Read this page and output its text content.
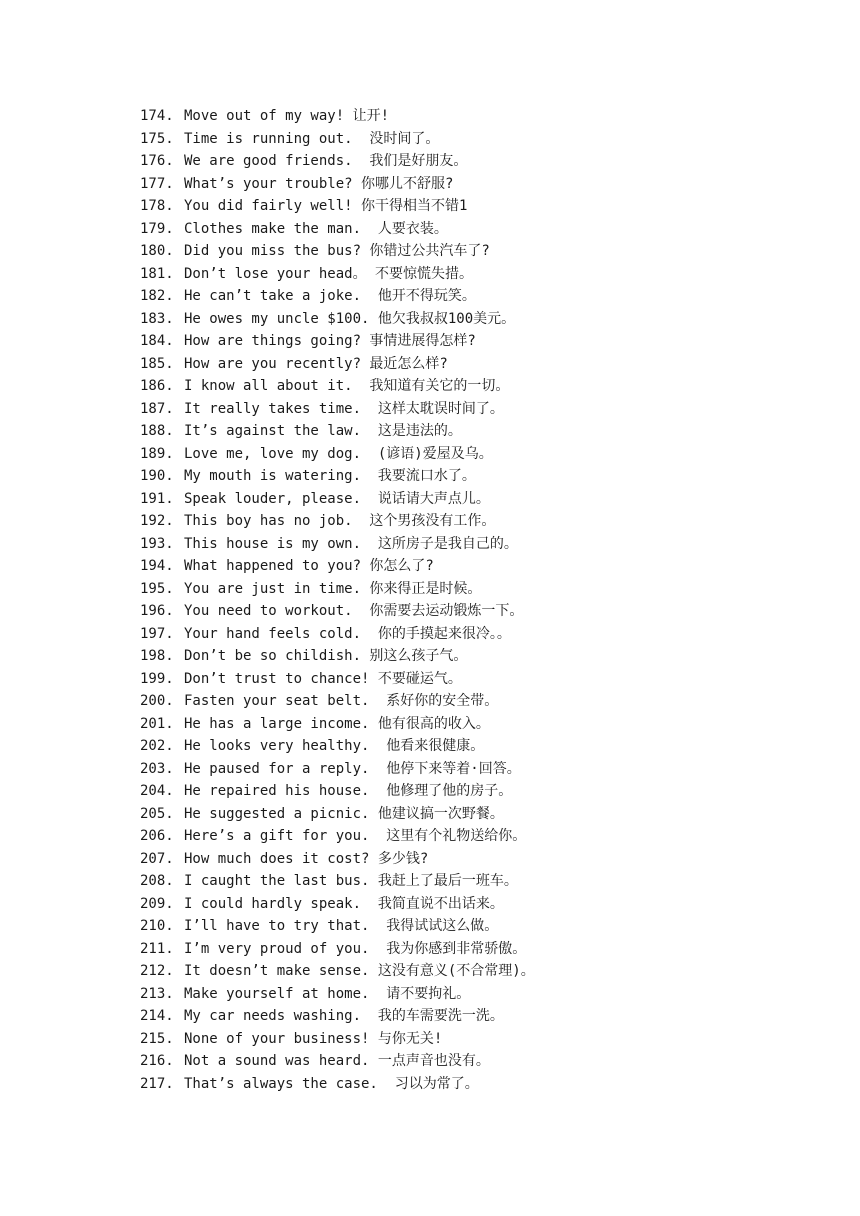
174. Move out of my way! 让开!
175. Time is running out.  没时间了。
176. We are good friends.  我们是好朋友。
177. What’s your trouble? 你哪儿不舒服?
178. You did fairly well! 你干得相当不错1
179. Clothes make the man.  人要衣装。
180. Did you miss the bus? 你错过公共汽车了?
181. Don’t lose your head。 不要惊慌失措。
182. He can’t take a joke.  他开不得玩笑。
183. He owes my uncle $100. 他欠我叔叔100美元。
184. How are things going? 事情进展得怎样?
185. How are you recently? 最近怎么样?
186. I know all about it.  我知道有关它的一切。
187. It really takes time.  这样太耽误时间了。
188. It’s against the law.  这是违法的。
189. Love me, love my dog.  (谚语)爱屋及乌。
190. My mouth is watering.  我要流口水了。
191. Speak louder, please.  说话请大声点儿。
192. This boy has no job.  这个男孩没有工作。
193. This house is my own.  这所房子是我自己的。
194. What happened to you? 你怎么了?
195. You are just in time. 你来得正是时候。
196. You need to workout.  你需要去运动锻炼一下。
197. Your hand feels cold.  你的手摸起来很冷。。
198. Don’t be so childish. 别这么孩子气。
199. Don’t trust to chance! 不要碰运气。
200. Fasten your seat belt.  系好你的安全带。
201. He has a large income. 他有很高的收入。
202. He looks very healthy.  他看来很健康。
203. He paused for a reply.  他停下来等着·回答。
204. He repaired his house.  他修理了他的房子。
205. He suggested a picnic. 他建议搞一次野餐。
206. Here’s a gift for you.  这里有个礼物送给你。
207. How much does it cost? 多少钱?
208. I caught the last bus. 我赶上了最后一班车。
209. I could hardly speak.  我简直说不出话来。
210. I’ll have to try that.  我得试试这么做。
211. I’m very proud of you.  我为你感到非常骄傲。
212. It doesn’t make sense. 这没有意义(不合常理)。
213. Make yourself at home.  请不要拘礼。
214. My car needs washing.  我的车需要洗一洗。
215. None of your business! 与你无关!
216. Not a sound was heard. 一点声音也没有。
217. That’s always the case.  习以为常了。
